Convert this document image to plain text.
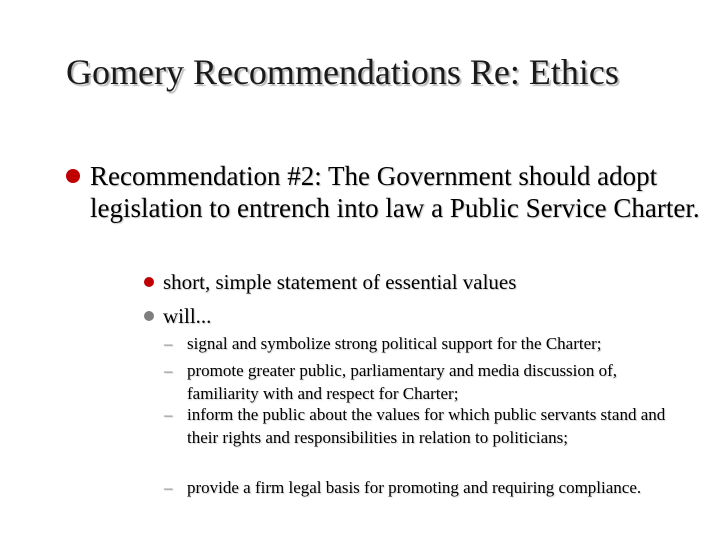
Gomery Recommendations Re: Ethics
Recommendation #2: The Government should adopt legislation to entrench into law a Public Service Charter.
short, simple statement of essential values
will...
– signal and symbolize strong political support for the Charter;
– promote greater public, parliamentary and media discussion of, familiarity with and respect for Charter;
– inform the public about the values for which public servants stand and their rights and responsibilities in relation to politicians;
– provide a firm legal basis for promoting and requiring compliance.
